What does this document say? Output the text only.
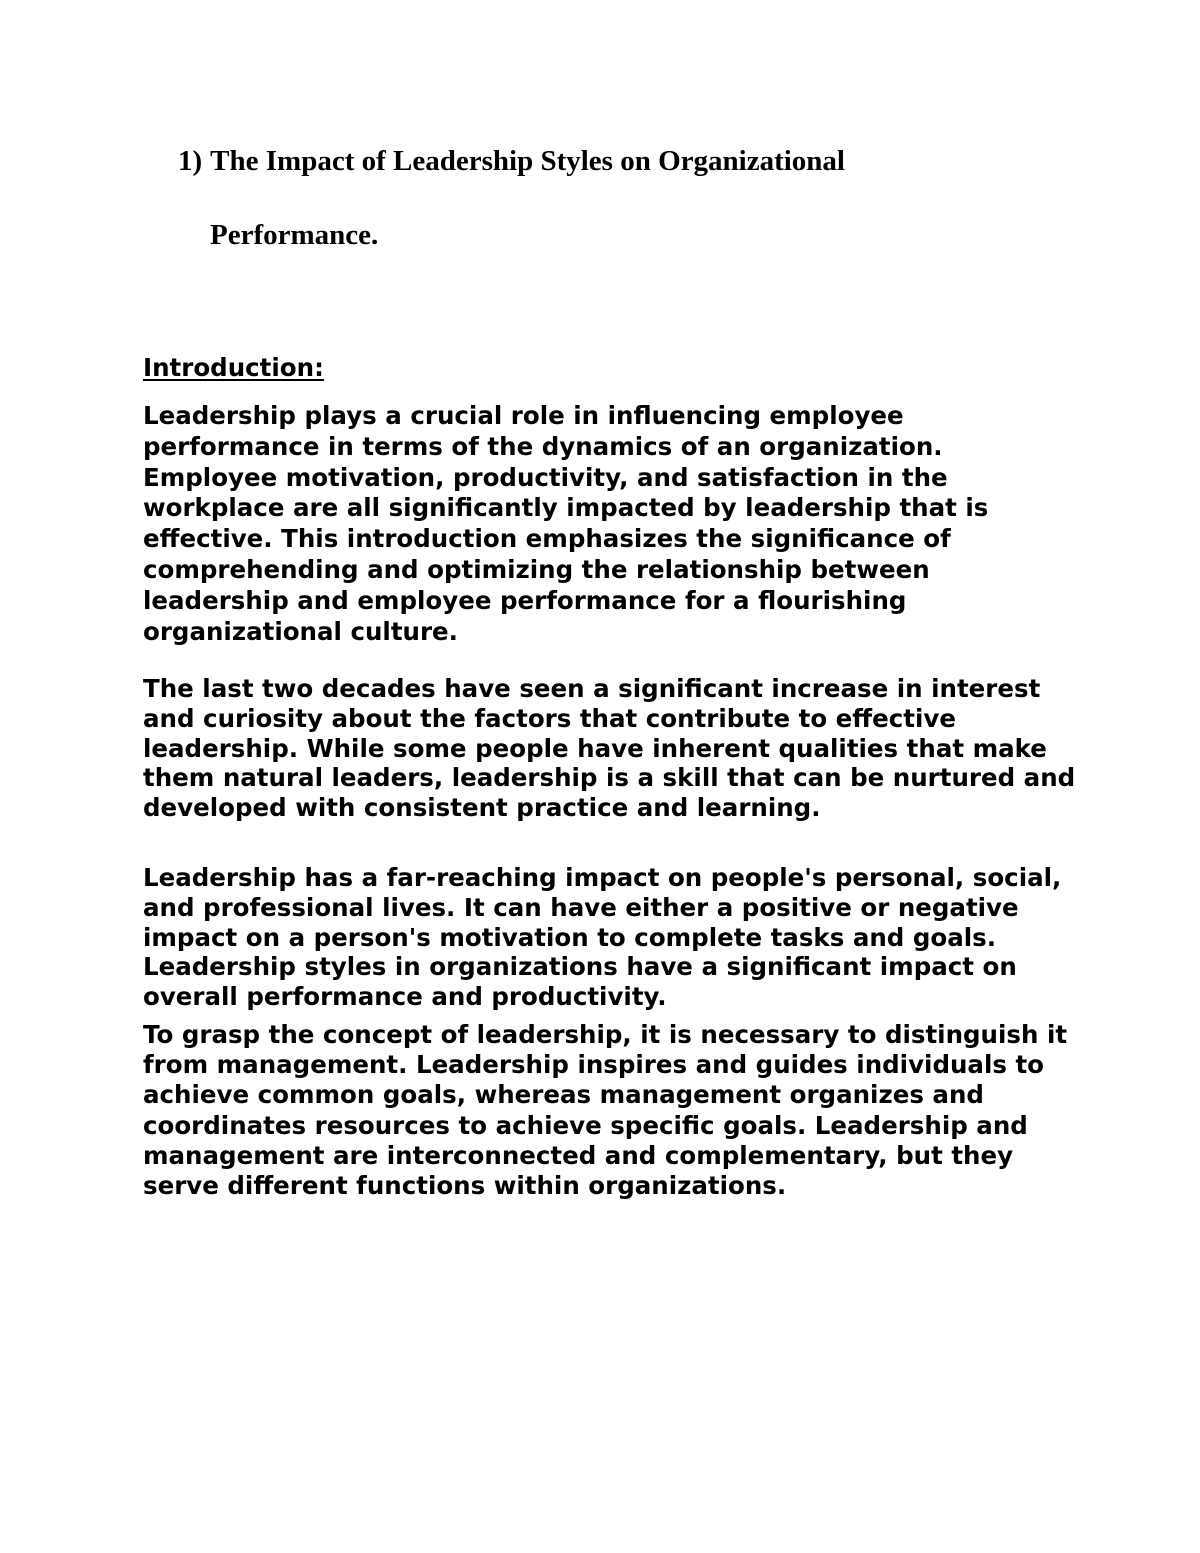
1) The Impact of Leadership Styles on Organizational
Performance.
Introduction:

Leadership plays a crucial role in influencing employee performance in terms of the dynamics of an organization. Employee motivation, productivity, and satisfaction in the workplace are all significantly impacted by leadership that is effective. This introduction emphasizes the significance of comprehending and optimizing the relationship between leadership and employee performance for a flourishing organizational culture.

The last two decades have seen a significant increase in interest and curiosity about the factors that contribute to effective leadership. While some people have inherent qualities that make them natural leaders, leadership is a skill that can be nurtured and developed with consistent practice and learning.

Leadership has a far-reaching impact on people's personal, social, and professional lives. It can have either a positive or negative impact on a person's motivation to complete tasks and goals. Leadership styles in organizations have a significant impact on overall performance and productivity.

To grasp the concept of leadership, it is necessary to distinguish it from management. Leadership inspires and guides individuals to achieve common goals, whereas management organizes and coordinates resources to achieve specific goals. Leadership and management are interconnected and complementary, but they serve different functions within organizations.
